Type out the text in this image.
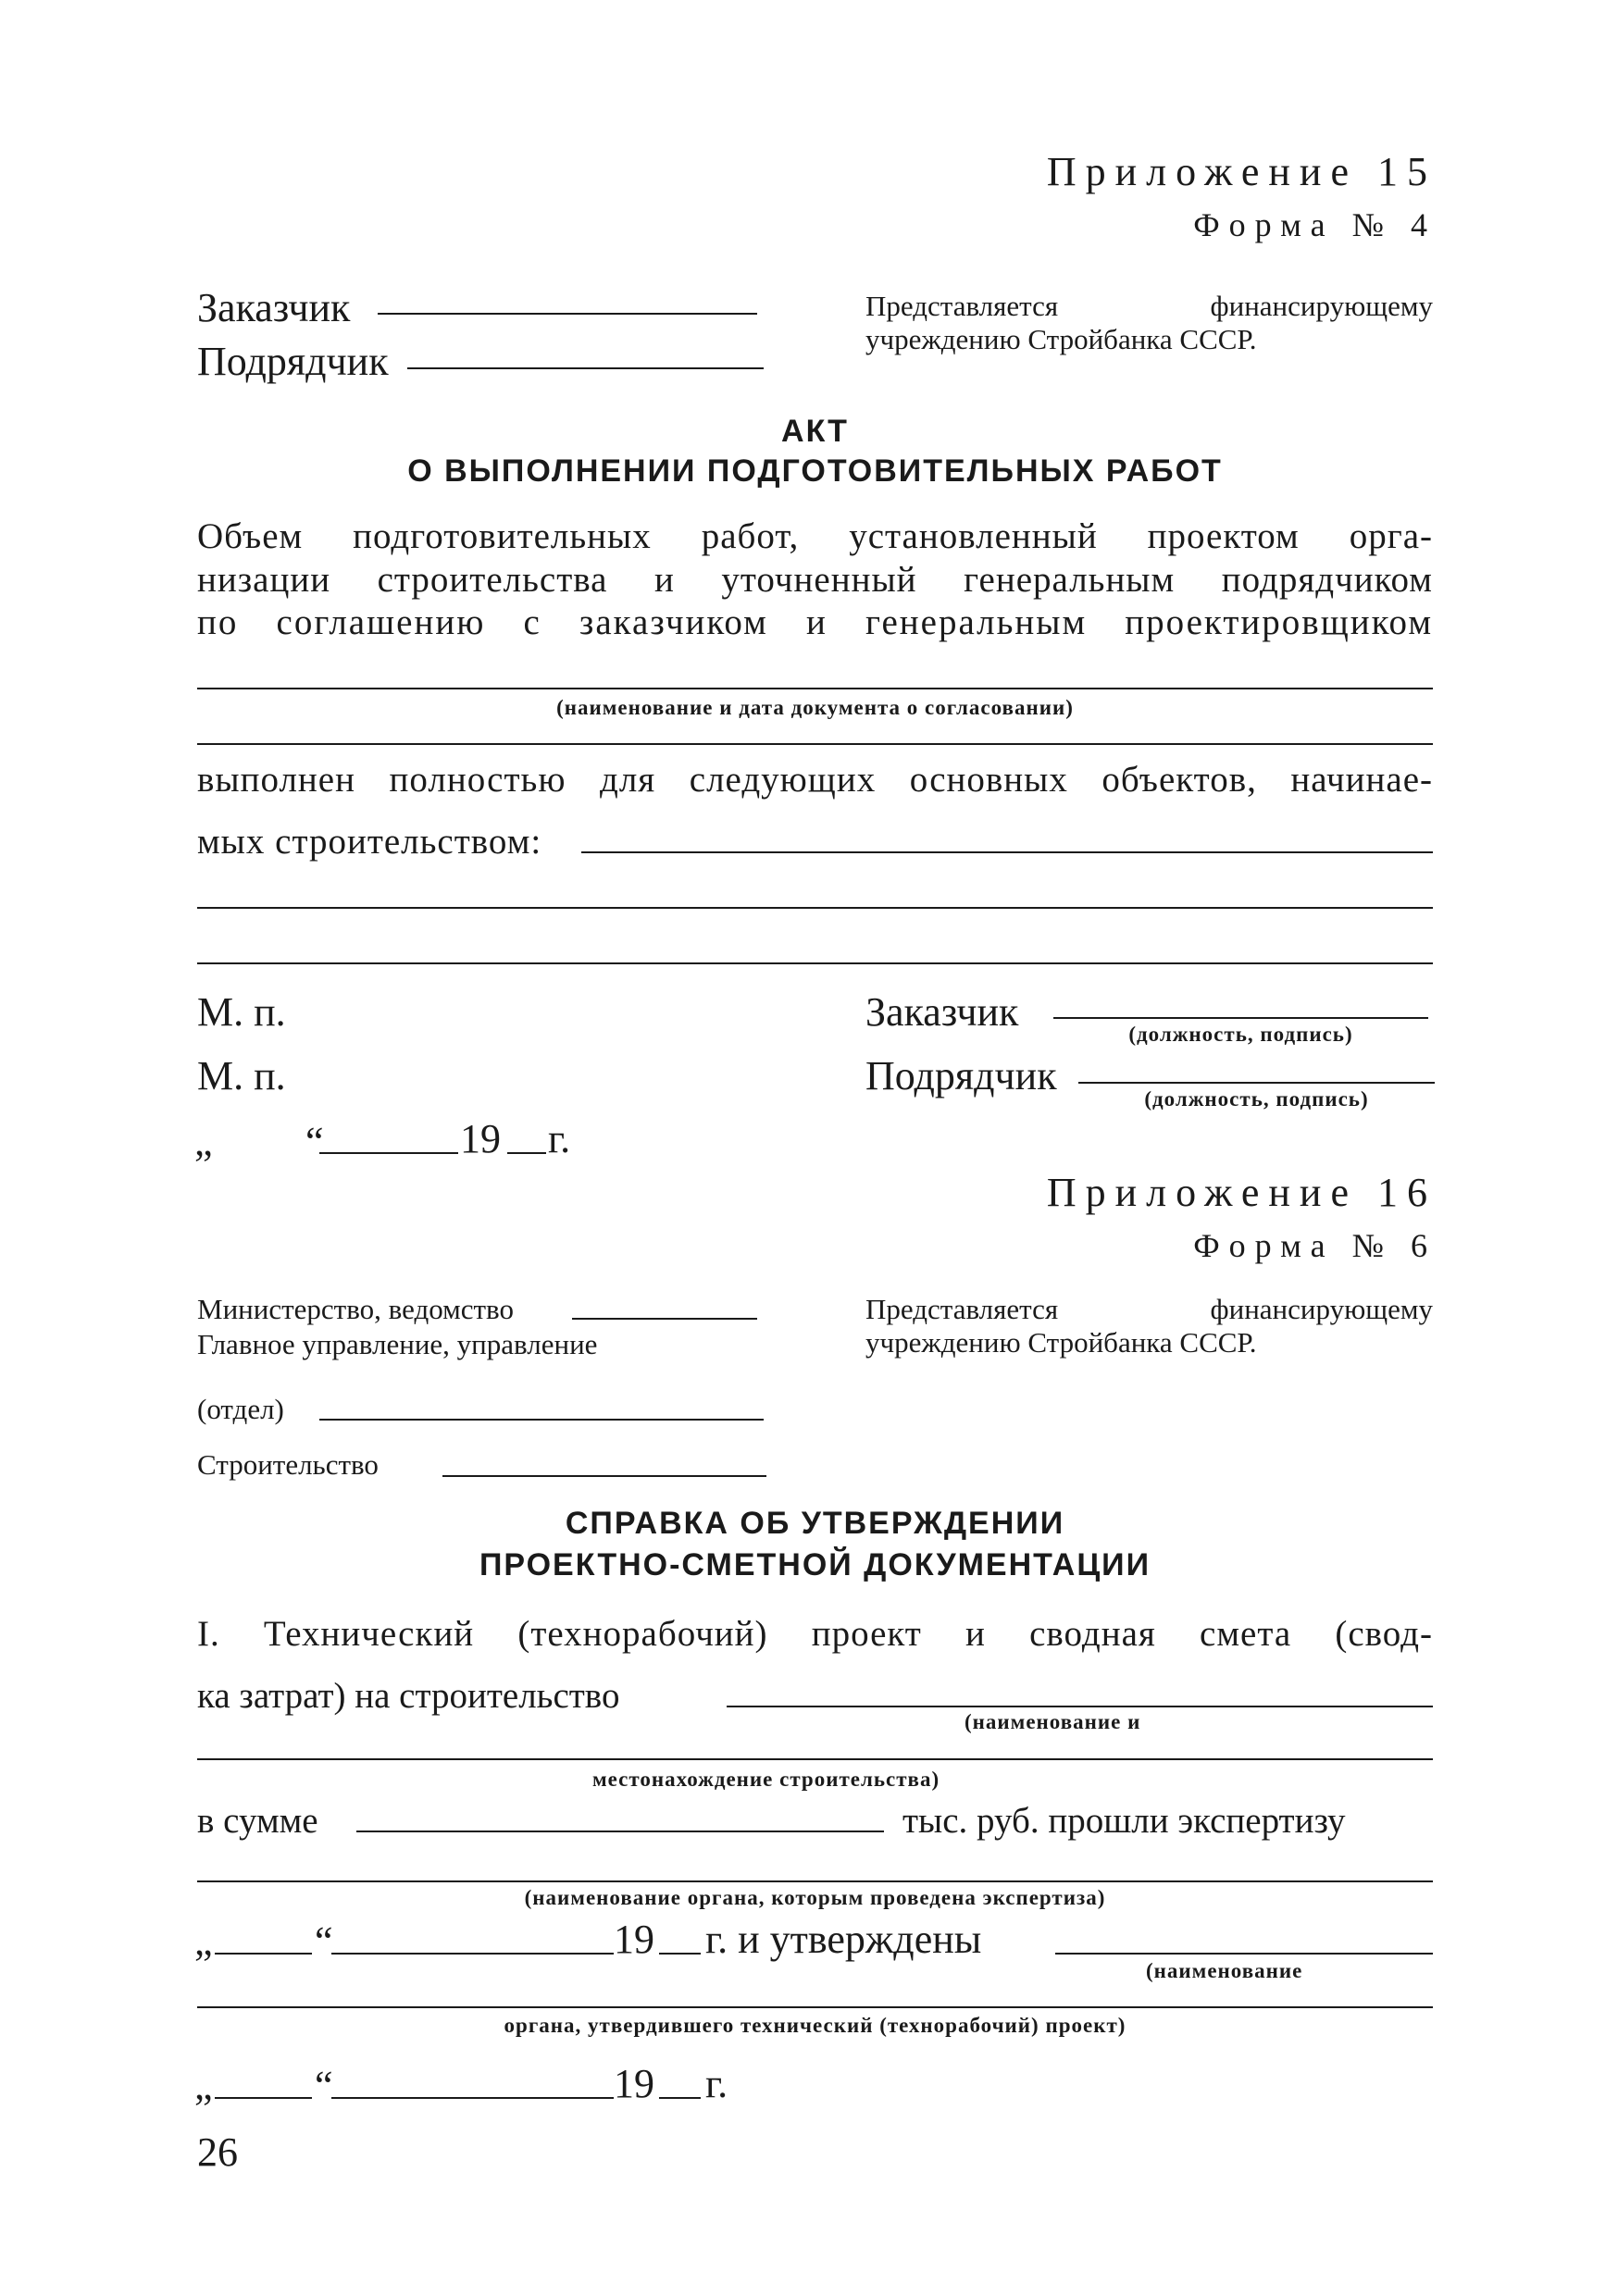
Приложение 15
Форма № 4
Заказчик
Подрядчик
Представляется финансирующему
учреждению Стройбанка СССР.
АКТ
О ВЫПОЛНЕНИИ ПОДГОТОВИТЕЛЬНЫХ РАБОТ
Объем подготовительных работ, установленный проектом орга-
низации строительства и уточненный генеральным подрядчиком
по соглашению с заказчиком и генеральным проектировщиком
(наименование и дата документа о согласовании)
выполнен полностью для следующих основных объектов, начинае-
мых строительством:
М. п.
М. п.
Заказчик	(должность, подпись)
Подрядчик
(должность, подпись)
„ “	19 г.
Приложение 16
Форма № 6
Министерство, ведомство
Главное управление, управление
Представляется финансирующему
учреждению Стройбанка СССР.
(отдел)
Строительство
СПРАВКА ОБ УТВЕРЖДЕНИИ
ПРОЕКТНО-СМЕТНОЙ ДОКУМЕНТАЦИИ
I. Технический (технорабочий) проект и сводная смета (свод-
ка затрат) на строительство
(наименование и
местонахождение строительства)
в сумме	тыс. руб. прошли экспертизу
(наименование органа, которым проведена экспертиза)
„	“	19 г. и утверждены
(наименование
органа, утвердившего технический (технорабочий) проект)
„	“	19 г.
26
